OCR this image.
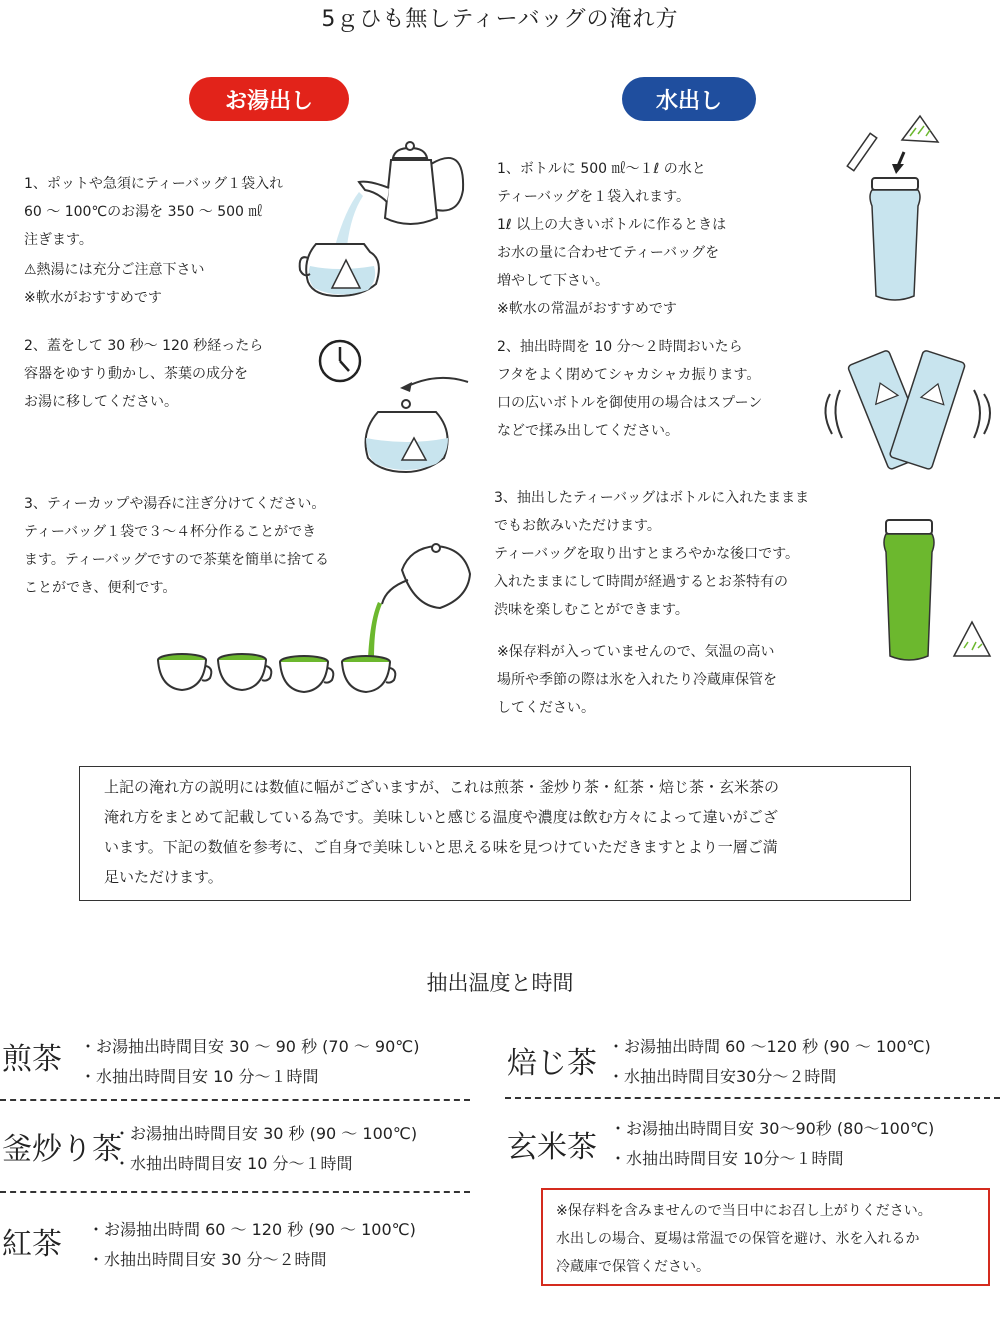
5ｇひも無しティーバッグの淹れ方
お湯出し	水出し
1、ポットや急須にティーバッグ１袋入れ
60 ～ 100℃のお湯を 350 ～ 500 ㎖
注ぎます。
⚠熱湯には充分ご注意下さい
※軟水がおすすめです
2、蓋をして 30 秒～ 120 秒経ったら
容器をゆすり動かし、茶葉の成分を
お湯に移してください。
3、ティーカップや湯呑に注ぎ分けてください。
ティーバッグ１袋で３～４杯分作ることができ
ます。ティーバッグですので茶葉を簡単に捨てる
ことができ、便利です。
1、ボトルに 500 ㎖～１ℓ の水と
ティーバッグを１袋入れます。
1ℓ 以上の大きいボトルに作るときは
お水の量に合わせてティーバッグを
増やして下さい。
※軟水の常温がおすすめです
2、抽出時間を 10 分～２時間おいたら
フタをよく閉めてシャカシャカ振ります。
口の広いボトルを御使用の場合はスプーン
などで揉み出してください。
3、抽出したティーバッグはボトルに入れたままま
でもお飲みいただけます。
ティーバッグを取り出すとまろやかな後口です。
入れたままにして時間が経過するとお茶特有の
渋味を楽しむことができます。
※保存料が入っていませんので、気温の高い
場所や季節の際は氷を入れたり冷蔵庫保管を
してください。
上記の淹れ方の説明には数値に幅がございますが、これは煎茶・釜炒り茶・紅茶・焙じ茶・玄米茶の
淹れ方をまとめて記載している為です。美味しいと感じる温度や濃度は飲む方々によって違いがござ
います。下記の数値を参考に、ご自身で美味しいと思える味を見つけていただきますとより一層ご満
足いただけます。
抽出温度と時間
煎茶 ・お湯抽出時間目安 30 ～ 90 秒 (70 ～ 90℃)
・水抽出時間目安 10 分～１時間
釜炒り茶
・お湯抽出時間目安 30 秒 (90 ～ 100℃)
・水抽出時間目安 10 分～１時間
紅茶 ・お湯抽出時間 60 ～ 120 秒 (90 ～ 100℃)
・水抽出時間目安 30 分～２時間
焙じ茶 ・お湯抽出時間 60 ～120 秒 (90 ～ 100℃)
・水抽出時間目安30分～２時間
玄米茶
・お湯抽出時間目安 30～90秒 (80～100℃)
・水抽出時間目安 10分～１時間
※保存料を含みませんので当日中にお召し上がりください。
水出しの場合、夏場は常温での保管を避け、氷を入れるか
冷蔵庫で保管ください。
